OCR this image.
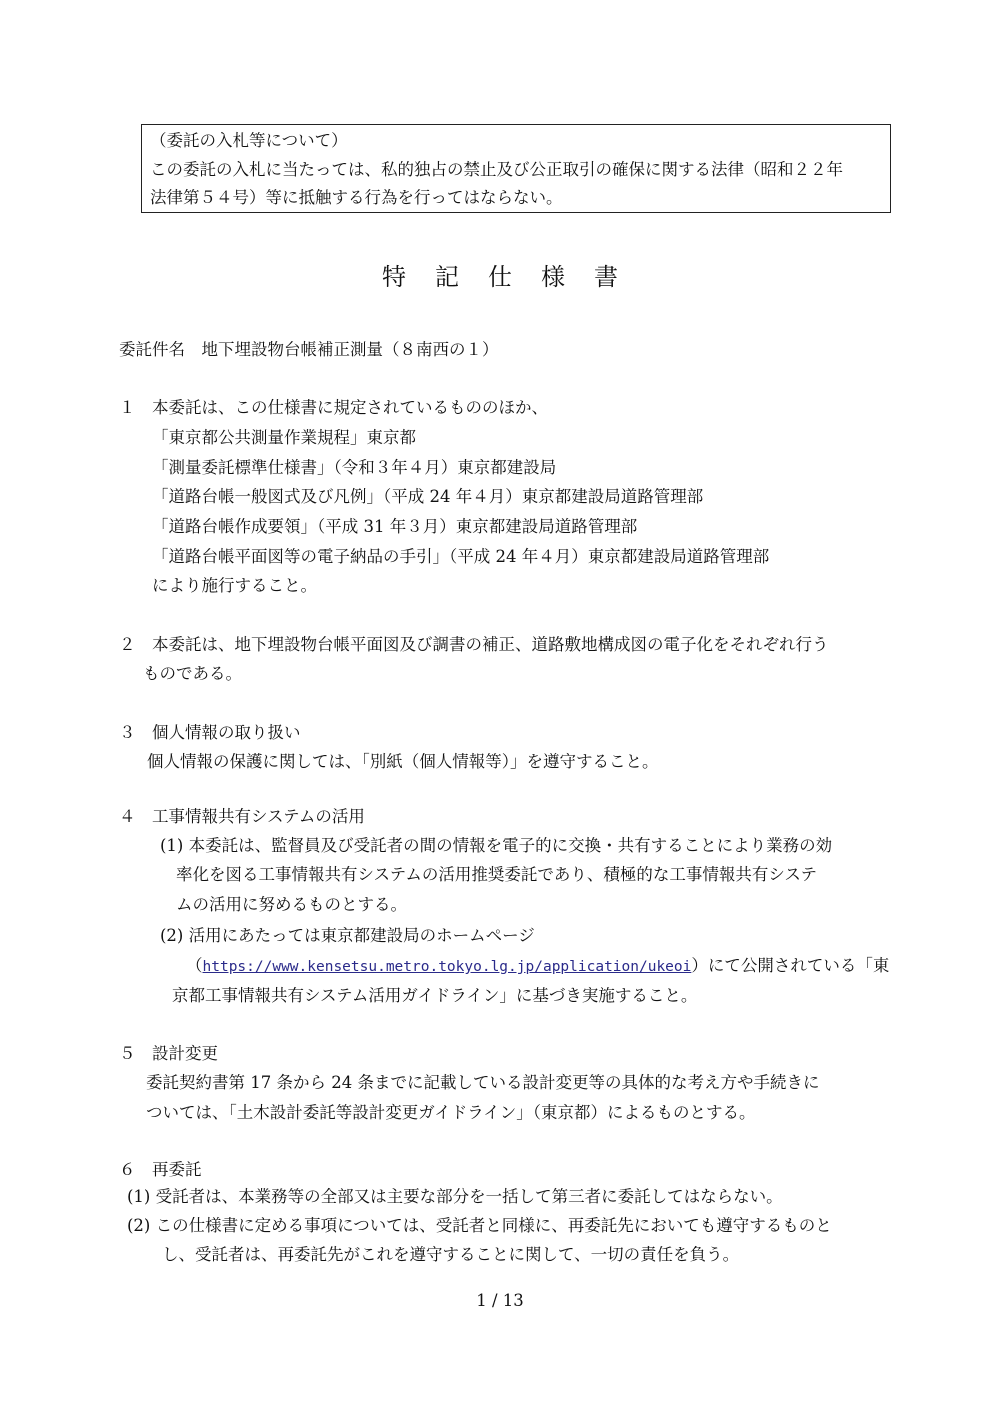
（委託の入札等について）
この委託の入札に当たっては、私的独占の禁止及び公正取引の確保に関する法律（昭和２２年
法律第５４号）等に抵触する行為を行ってはならない。
特記仕様書
委託件名　地下埋設物台帳補正測量（８南西の１）
１　本委託は、この仕様書に規定されているもののほか、
「東京都公共測量作業規程」東京都
「測量委託標準仕様書」（令和３年４月）東京都建設局
「道路台帳一般図式及び凡例」（平成 24 年４月）東京都建設局道路管理部
「道路台帳作成要領」（平成 31 年３月）東京都建設局道路管理部
「道路台帳平面図等の電子納品の手引」（平成 24 年４月）東京都建設局道路管理部
により施行すること。
２　本委託は、地下埋設物台帳平面図及び調書の補正、道路敷地構成図の電子化をそれぞれ行う
ものである。
３　個人情報の取り扱い
個人情報の保護に関しては、「別紙（個人情報等）」を遵守すること。
４　工事情報共有システムの活用
(1) 本委託は、監督員及び受託者の間の情報を電子的に交換・共有することにより業務の効
率化を図る工事情報共有システムの活用推奨委託であり、積極的な工事情報共有システ
ムの活用に努めるものとする。
(2) 活用にあたっては東京都建設局のホームページ
（https://www.kensetsu.metro.tokyo.lg.jp/application/ukeoi）にて公開されている「東
京都工事情報共有システム活用ガイドライン」に基づき実施すること。
５　設計変更
委託契約書第 17 条から 24 条までに記載している設計変更等の具体的な考え方や手続きに
ついては、「土木設計委託等設計変更ガイドライン」（東京都）によるものとする。
６　再委託
(1) 受託者は、本業務等の全部又は主要な部分を一括して第三者に委託してはならない。
(2) この仕様書に定める事項については、受託者と同様に、再委託先においても遵守するものと
し、受託者は、再委託先がこれを遵守することに関して、一切の責任を負う。
1 / 13
